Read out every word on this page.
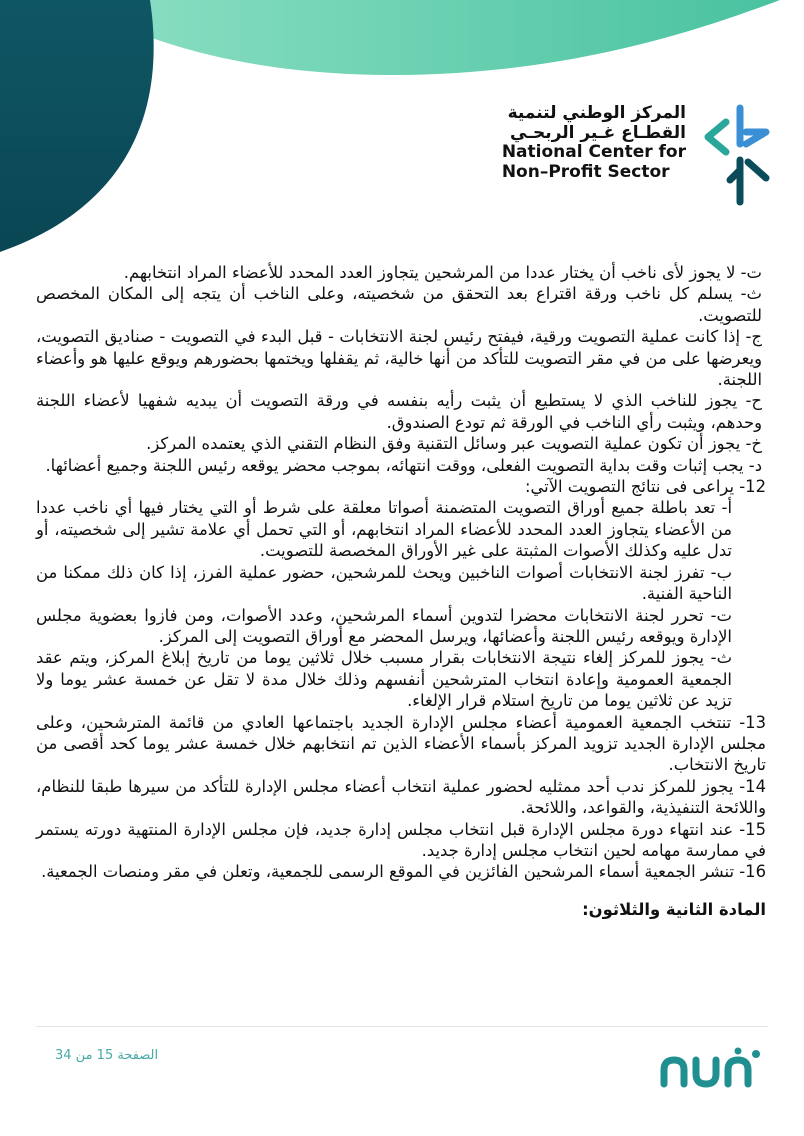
المركز الوطني لتنمية
القطـاع غـير الربحـي
National Center for
Non–Profit Sector

ت- لا يجوز لأى ناخب أن يختار عددا من المرشحين يتجاوز العدد المحدد للأعضاء المراد انتخابهم.

ث- يسلم كل ناخب ورقة اقتراع بعد التحقق من شخصيته، وعلى الناخب أن يتجه إلى المكان المخصص للتصويت.

ج- إذا كانت عملية التصويت ورقية، فيفتح رئيس لجنة الانتخابات - قبل البدء في التصويت - صناديق التصويت، ويعرضها على من في مقر التصويت للتأكد من أنها خالية، ثم يقفلها ويختمها بحضورهم ويوقع عليها هو وأعضاء اللجنة.

ح- يجوز للناخب الذي لا يستطيع أن يثبت رأيه بنفسه في ورقة التصويت أن يبديه شفهيا لأعضاء اللجنة وحدهم، ويثبت رأي الناخب في الورقة ثم تودع الصندوق.

خ- يجوز أن تكون عملية التصويت عبر وسائل التقنية وفق النظام التقني الذي يعتمده المركز.

د- يجب إثبات وقت بداية التصويت الفعلى، ووقت انتهائه، بموجب محضر يوقعه رئيس اللجنة وجميع أعضائها.

12- يراعى فى نتائج التصويت الآتي:

أ- تعد باطلة جميع أوراق التصويت المتضمنة أصواتا معلقة على شرط أو التي يختار فيها أي ناخب عددا من الأعضاء يتجاوز العدد المحدد للأعضاء المراد انتخابهم، أو التي تحمل أي علامة تشير إلى شخصيته، أو تدل عليه وكذلك الأصوات المثبتة على غير الأوراق المخصصة للتصويت.

ب- تفرز لجنة الانتخابات أصوات الناخبين ويحث للمرشحين، حضور عملية الفرز، إذا كان ذلك ممكنا من الناحية الفنية.

ت- تحرر لجنة الانتخابات محضرا لتدوين أسماء المرشحين، وعدد الأصوات، ومن فازوا بعضوية مجلس الإدارة ويوقعه رئيس اللجنة وأعضائها، ويرسل المحضر مع أوراق التصويت إلى المركز.

ث- يجوز للمركز إلغاء نتيجة الانتخابات بقرار مسبب خلال ثلاثين يوما من تاريخ إبلاغ المركز، ويتم عقد الجمعية العمومية وإعادة انتخاب المترشحين أنفسهم وذلك خلال مدة لا تقل عن خمسة عشر يوما ولا تزيد عن ثلاثين يوما من تاريخ استلام قرار الإلغاء.

13- تنتخب الجمعية العمومية أعضاء مجلس الإدارة الجديد باجتماعها العادي من قائمة المترشحين، وعلى مجلس الإدارة الجديد تزويد المركز بأسماء الأعضاء الذين تم انتخابهم خلال خمسة عشر يوما كحد أقصى من تاريخ الانتخاب.

14- يجوز للمركز ندب أحد ممثليه لحضور عملية انتخاب أعضاء مجلس الإدارة للتأكد من سيرها طبقا للنظام، واللائحة التنفيذية، والقواعد، واللائحة.

15- عند انتهاء دورة مجلس الإدارة قبل انتخاب مجلس إدارة جديد، فإن مجلس الإدارة المنتهية دورته يستمر في ممارسة مهامه لحين انتخاب مجلس إدارة جديد.

16- تنشر الجمعية أسماء المرشحين الفائزين في الموقع الرسمى للجمعية، وتعلن في مقر ومنصات الجمعية.

المادة الثانية والثلاثون:

الصفحة 15 من 34
